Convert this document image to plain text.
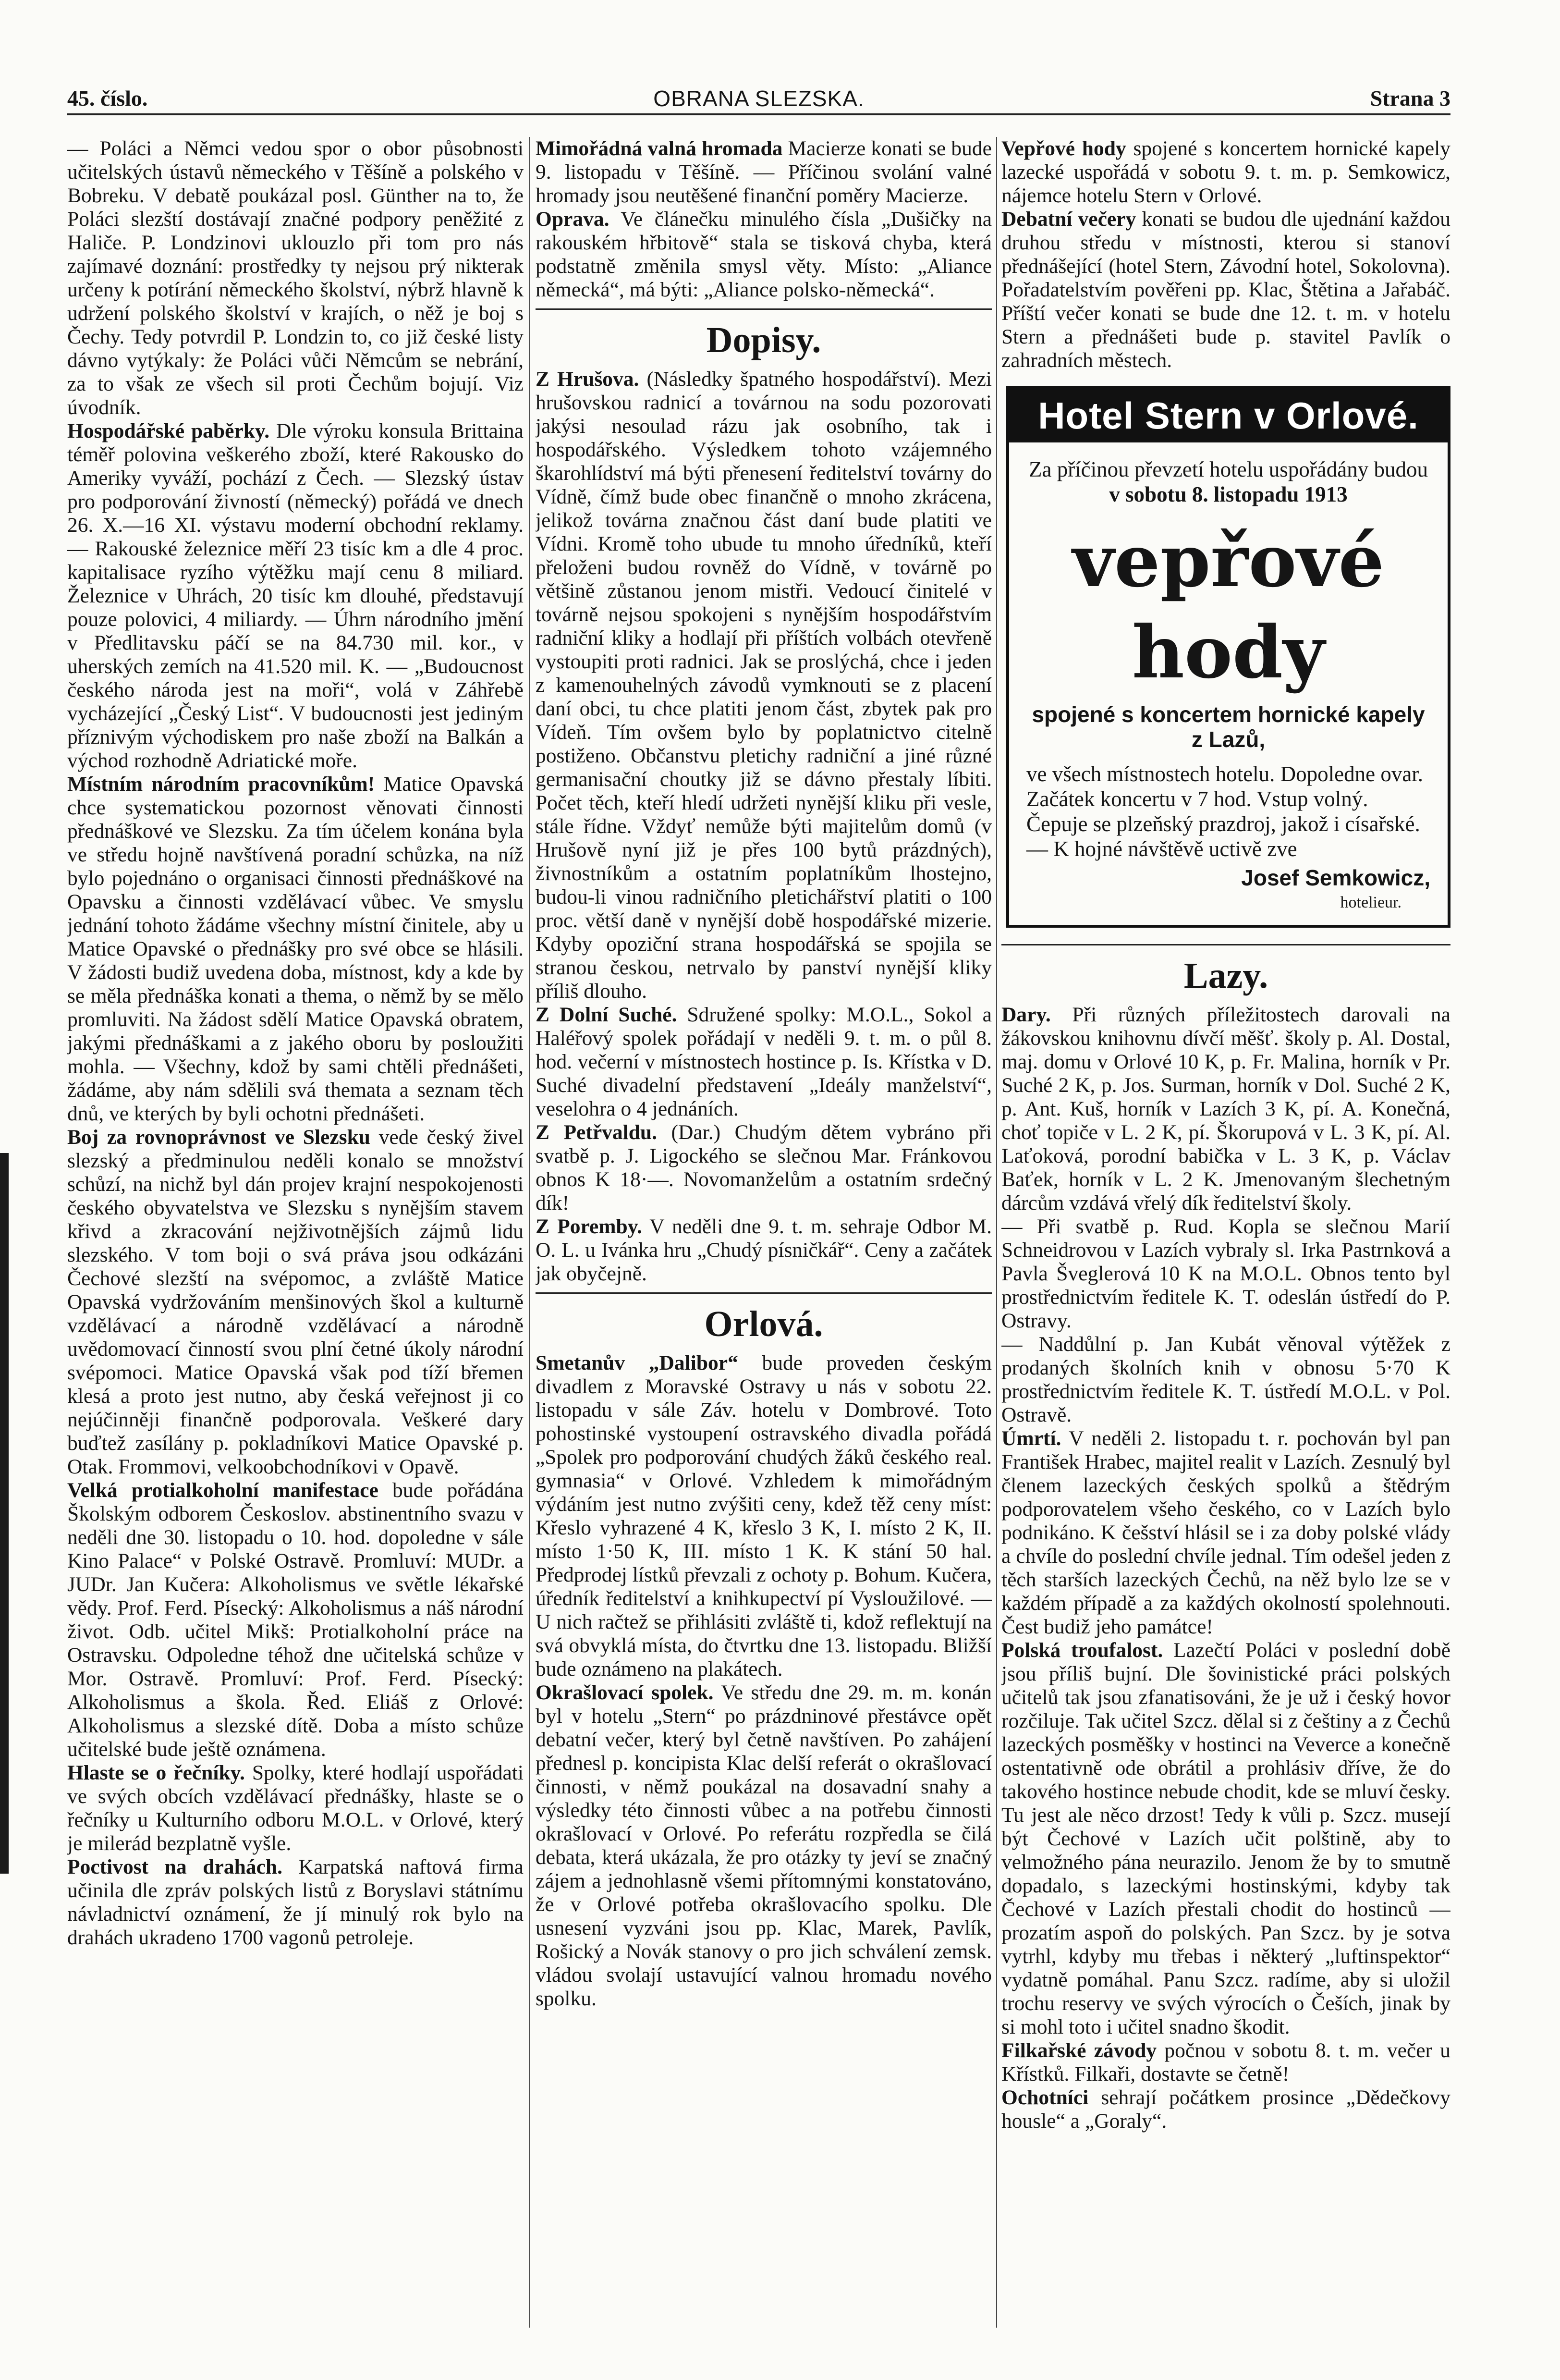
45. číslo.	OBRANA SLEZSKA.	Strana 3

— Poláci a Němci vedou spor o obor působnosti učitelských ústavů německého v Těšíně a polského v Bobreku. V debatě poukázal posl. Günther na to, že Poláci slezští dostávají značné podpory peněžité z Haliče. P. Londzinovi uklouzlo při tom pro nás zajímavé doznání: prostředky ty nejsou prý nikterak určeny k potírání německého školství, nýbrž hlavně k udržení polského školství v krajích, o něž je boj s Čechy. Tedy potvrdil P. Londzin to, co již české listy dávno vytýkaly: že Poláci vůči Němcům se nebrání, za to však ze všech sil proti Čechům bojují. Viz úvodník.

Hospodářské paběrky. Dle výroku konsula Brittaina téměř polovina veškerého zboží, které Rakousko do Ameriky vyváží, pochází z Čech. — Slezský ústav pro podporování živností (německý) pořádá ve dnech 26. X.—16 XI. výstavu moderní obchodní reklamy. — Rakouské železnice měří 23 tisíc km a dle 4 proc. kapitalisace ryzího výtěžku mají cenu 8 miliard. Železnice v Uhrách, 20 tisíc km dlouhé, představují pouze polovici, 4 miliardy. — Úhrn národního jmění v Předlitavsku páčí se na 84.730 mil. kor., v uherských zemích na 41.520 mil. K. — „Budoucnost českého národa jest na moři“, volá v Záhřebě vycházející „Český List“. V budoucnosti jest jediným příznivým východiskem pro naše zboží na Balkán a východ rozhodně Adriatické moře.

Místním národním pracovníkům! Matice Opavská chce systematickou pozornost věnovati činnosti přednáškové ve Slezsku. Za tím účelem konána byla ve středu hojně navštívená poradní schůzka, na níž bylo pojednáno o organisaci činnosti přednáškové na Opavsku a činnosti vzdělávací vůbec. Ve smyslu jednání tohoto žádáme všechny místní činitele, aby u Matice Opavské o přednášky pro své obce se hlásili. V žádosti budiž uvedena doba, místnost, kdy a kde by se měla přednáška konati a thema, o němž by se mělo promluviti. Na žádost sdělí Matice Opavská obratem, jakými přednáškami a z jakého oboru by posloužiti mohla. — Všechny, kdož by sami chtěli přednášeti, žádáme, aby nám sdělili svá themata a seznam těch dnů, ve kterých by byli ochotni přednášeti.

Boj za rovnoprávnost ve Slezsku vede český živel slezský a předminulou neděli konalo se množství schůzí, na nichž byl dán projev krajní nespokojenosti českého obyvatelstva ve Slezsku s nynějším stavem křivd a zkracování nejživotnějších zájmů lidu slezského. V tom boji o svá práva jsou odkázáni Čechové slezští na svépomoc, a zvláště Matice Opavská vydržováním menšinových škol a kulturně vzdělávací a národně vzdělávací a národně uvědomovací činností svou plní četné úkoly národní svépomoci. Matice Opavská však pod tíží břemen klesá a proto jest nutno, aby česká veřejnost ji co nejúčinněji finančně podporovala. Veškeré dary buďtež zasílány p. pokladníkovi Matice Opavské p. Otak. Frommovi, velkoobchodníkovi v Opavě.

Velká protialkoholní manifestace bude pořádána Školským odborem Českoslov. abstinentního svazu v neděli dne 30. listopadu o 10. hod. dopoledne v sále Kino Palace“ v Polské Ostravě. Promluví: MUDr. a JUDr. Jan Kučera: Alkoholismus ve světle lékařské vědy. Prof. Ferd. Písecký: Alkoholismus a náš národní život. Odb. učitel Mikš: Protialkoholní práce na Ostravsku. Odpoledne téhož dne učitelská schůze v Mor. Ostravě. Promluví: Prof. Ferd. Písecký: Alkoholismus a škola. Řed. Eliáš z Orlové: Alkoholismus a slezské dítě. Doba a místo schůze učitelské bude ještě oznámena.

Hlaste se o řečníky. Spolky, které hodlají uspořádati ve svých obcích vzdělávací přednášky, hlaste se o řečníky u Kulturního odboru M.O.L. v Orlové, který je milerád bezplatně vyšle.

Poctivost na drahách. Karpatská naftová firma učinila dle zpráv polských listů z Boryslavi státnímu návladnictví oznámení, že jí minulý rok bylo na drahách ukradeno 1700 vagonů petroleje.

Mimořádná valná hromada Macierze konati se bude 9. listopadu v Těšíně. — Příčinou svolání valné hromady jsou neutěšené finanční poměry Macierze.

Oprava. Ve článečku minulého čísla „Dušičky na rakouském hřbitově“ stala se tisková chyba, která podstatně změnila smysl věty. Místo: „Aliance německá“, má býti: „Aliance polsko-německá“.

Dopisy.

Z Hrušova. (Následky špatného hospodářství). Mezi hrušovskou radnicí a továrnou na sodu pozorovati jakýsi nesoulad rázu jak osobního, tak i hospodářského. Výsledkem tohoto vzájemného škarohlídství má býti přenesení ředitelství továrny do Vídně, čímž bude obec finančně o mnoho zkrácena, jelikož továrna značnou část daní bude platiti ve Vídni. Kromě toho ubude tu mnoho úředníků, kteří přeloženi budou rovněž do Vídně, v továrně po většině zůstanou jenom mistři. Vedoucí činitelé v továrně nejsou spokojeni s nynějším hospodářstvím radniční kliky a hodlají při příštích volbách otevřeně vystoupiti proti radnici. Jak se proslýchá, chce i jeden z kamenouhelných závodů vymknouti se z placení daní obci, tu chce platiti jenom část, zbytek pak pro Vídeň. Tím ovšem bylo by poplatnictvo citelně postiženo. Občanstvu pletichy radniční a jiné různé germanisační choutky již se dávno přestaly líbiti. Počet těch, kteří hledí udržeti nynější kliku při vesle, stále řídne. Vždyť nemůže býti majitelům domů (v Hrušově nyní již je přes 100 bytů prázdných), živnostníkům a ostatním poplatníkům lhostejno, budou-li vinou radničního pletichářství platiti o 100 proc. větší daně v nynější době hospodářské mizerie. Kdyby opoziční strana hospodářská se spojila se stranou českou, netrvalo by panství nynější kliky příliš dlouho.

Z Dolní Suché. Sdružené spolky: M.O.L., Sokol a Haléřový spolek pořádají v neděli 9. t. m. o půl 8. hod. večerní v místnostech hostince p. Is. Křístka v D. Suché divadelní představení „Ideály manželství“, veselohra o 4 jednáních.

Z Petřvaldu. (Dar.) Chudým dětem vybráno při svatbě p. J. Ligockého se slečnou Mar. Fránkovou obnos K 18·—. Novomanželům a ostatním srdečný dík!

Z Poremby. V neděli dne 9. t. m. sehraje Odbor M. O. L. u Ivánka hru „Chudý písničkář“. Ceny a začátek jak obyčejně.

Orlová.

Smetanův „Dalibor“ bude proveden českým divadlem z Moravské Ostravy u nás v sobotu 22. listopadu v sále Záv. hotelu v Dombrové. Toto pohostinské vystoupení ostravského divadla pořádá „Spolek pro podporování chudých žáků českého real. gymnasia“ v Orlové. Vzhledem k mimořádným výdáním jest nutno zvýšiti ceny, kdež těž ceny míst: Křeslo vyhrazené 4 K, křeslo 3 K, I. místo 2 K, II. místo 1·50 K, III. místo 1 K. K stání 50 hal. Předprodej lístků převzali z ochoty p. Bohum. Kučera, úředník ředitelství a knihkupectví pí Vysloužilové. — U nich račtež se přihlásiti zvláště ti, kdož reflektují na svá obvyklá místa, do čtvrtku dne 13. listopadu. Bližší bude oznámeno na plakátech.

Okrašlovací spolek. Ve středu dne 29. m. m. konán byl v hotelu „Stern“ po prázdninové přestávce opět debatní večer, který byl četně navštíven. Po zahájení přednesl p. koncipista Klac delší referát o okrašlovací činnosti, v němž poukázal na dosavadní snahy a výsledky této činnosti vůbec a na potřebu činnosti okrašlovací v Orlové. Po referátu rozpředla se čilá debata, která ukázala, že pro otázky ty jeví se značný zájem a jednohlasně všemi přítomnými konstatováno, že v Orlové potřeba okrašlovacího spolku. Dle usnesení vyzváni jsou pp. Klac, Marek, Pavlík, Rošický a Novák stanovy o pro jich schválení zemsk. vládou svolají ustavující valnou hromadu nového spolku.

Vepřové hody spojené s koncertem hornické kapely lazecké uspořádá v sobotu 9. t. m. p. Semkowicz, nájemce hotelu Stern v Orlové.

Debatní večery konati se budou dle ujednání každou druhou středu v místnosti, kterou si stanoví přednášející (hotel Stern, Závodní hotel, Sokolovna). Pořadatelstvím pověřeni pp. Klac, Štětina a Jařabáč. Příští večer konati se bude dne 12. t. m. v hotelu Stern a přednášeti bude p. stavitel Pavlík o zahradních městech.

Hotel Stern v Orlové.
Za příčinou převzetí hotelu uspořádány budou v sobotu 8. listopadu 1913
vepřové hody
spojené s koncertem hornické kapely z Lazů,
ve všech místnostech hotelu. Dopoledne ovar. Začátek koncertu v 7 hod. Vstup volný. Čepuje se plzeňský prazdroj, jakož i císařské. — K hojné návštěvě uctivě zve
Josef Semkowicz,
hotelieur.
Lazy.

Dary. Při různých příležitostech darovali na žákovskou knihovnu dívčí měšť. školy p. Al. Dostal, maj. domu v Orlové 10 K, p. Fr. Malina, horník v Pr. Suché 2 K, p. Jos. Surman, horník v Dol. Suché 2 K, p. Ant. Kuš, horník v Lazích 3 K, pí. A. Konečná, choť topiče v L. 2 K, pí. Škorupová v L. 3 K, pí. Al. Laťoková, porodní babička v L. 3 K, p. Václav Baťek, horník v L. 2 K. Jmenovaným šlechetným dárcům vzdává vřelý dík ředitelství školy.

— Při svatbě p. Rud. Kopla se slečnou Marií Schneidrovou v Lazích vybraly sl. Irka Pastrnková a Pavla Šveglerová 10 K na M.O.L. Obnos tento byl prostřednictvím ředitele K. T. odeslán ústředí do P. Ostravy.

— Naddůlní p. Jan Kubát věnoval výtěžek z prodaných školních knih v obnosu 5·70 K prostřednictvím ředitele K. T. ústředí M.O.L. v Pol. Ostravě.

Úmrtí. V neděli 2. listopadu t. r. pochován byl pan František Hrabec, majitel realit v Lazích. Zesnulý byl členem lazeckých českých spolků a štědrým podporovatelem všeho českého, co v Lazích bylo podnikáno. K češství hlásil se i za doby polské vlády a chvíle do poslední chvíle jednal. Tím odešel jeden z těch starších lazeckých Čechů, na něž bylo lze se v každém případě a za každých okolností spolehnouti. Čest budiž jeho památce!

Polská troufalost. Lazečtí Poláci v poslední době jsou příliš bujní. Dle šovinistické práci polských učitelů tak jsou zfanatisováni, že je už i český hovor rozčiluje. Tak učitel Szcz. dělal si z češtiny a z Čechů lazeckých posměšky v hostinci na Veverce a konečně ostentativně ode obrátil a prohlásiv dříve, že do takového hostince nebude chodit, kde se mluví česky. Tu jest ale něco drzost! Tedy k vůli p. Szcz. musejí být Čechové v Lazích učit polštině, aby to velmožného pána neurazilo. Jenom že by to smutně dopadalo, s lazeckými hostinskými, kdyby tak Čechové v Lazích přestali chodit do hostinců — prozatím aspoň do polských. Pan Szcz. by je sotva vytrhl, kdyby mu třebas i některý „luftinspektor“ vydatně pomáhal. Panu Szcz. radíme, aby si uložil trochu reservy ve svých výrocích o Češích, jinak by si mohl toto i učitel snadno škodit.

Filkařské závody počnou v sobotu 8. t. m. večer u Křístků. Filkaři, dostavte se četně!

Ochotníci sehrají počátkem prosince „Dědečkovy housle“ a „Goraly“.
